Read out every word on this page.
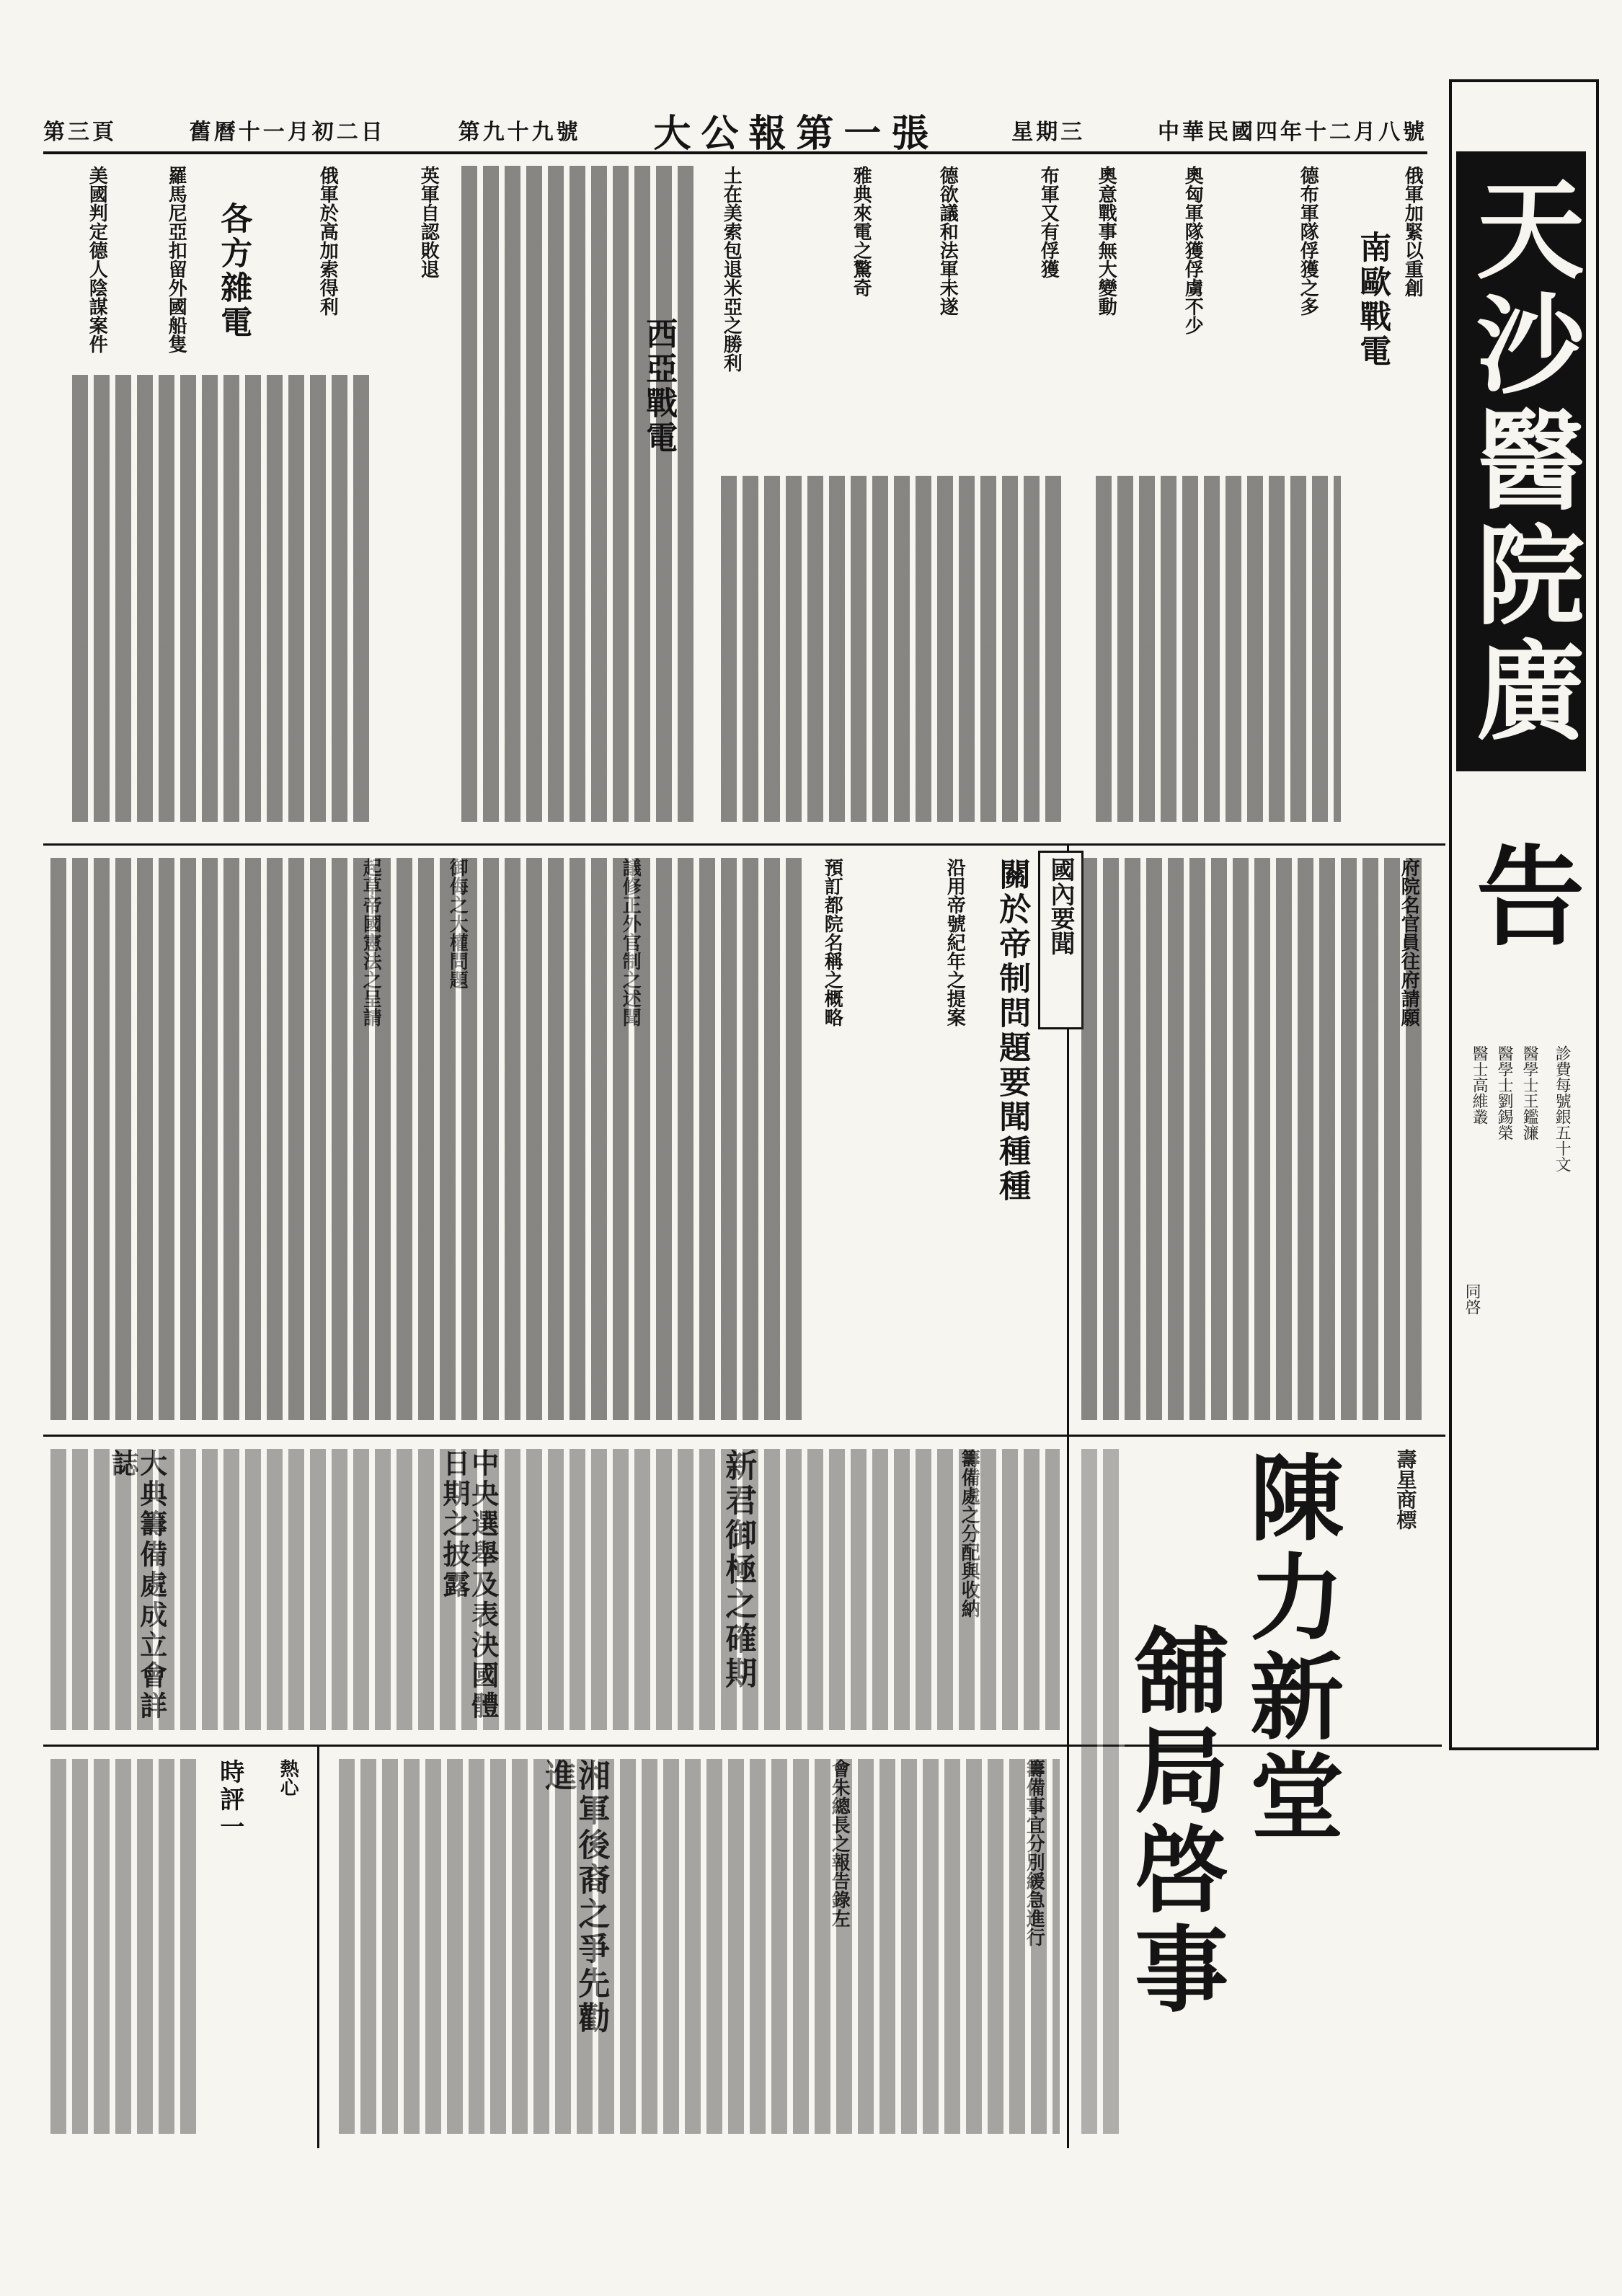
第三頁	舊曆十一月初二日	第九十九號 大公報第一張	星期三	中華民國四年十二月八號
天沙醫院廣
告
診費每號銀五十文
醫學士王鑑濂
醫學士劉錫榮
醫士高維叢
同啓
南歐戰電 俄軍加緊以重創
德布軍隊俘獲之多
奧匈軍隊獲俘虜不少
奧意戰事無大變動
布軍又有俘獲
德欲議和法軍未遂
雅典來電之驚奇
土在美索包退米亞之勝利
西亞戰電
英軍自認敗退
各方雜電	俄軍於高加索得利
羅馬尼亞扣留外國船隻
美國判定德人陰謀案件
國內要聞
關於帝制問題要聞種種
沿用帝號紀年之提案
預訂都院名稱之概略	府院名官員往府請願
新君御極之確期	籌備處之分配與收納
中央選舉及表決國體日期之披露
大典籌備處成立會詳誌	壽星商標
陳力新堂
舖局啓事
湘軍後裔之爭先勸進	籌備事宜分別緩急進行
會朱總長之報告錄左
熱心
時評一
